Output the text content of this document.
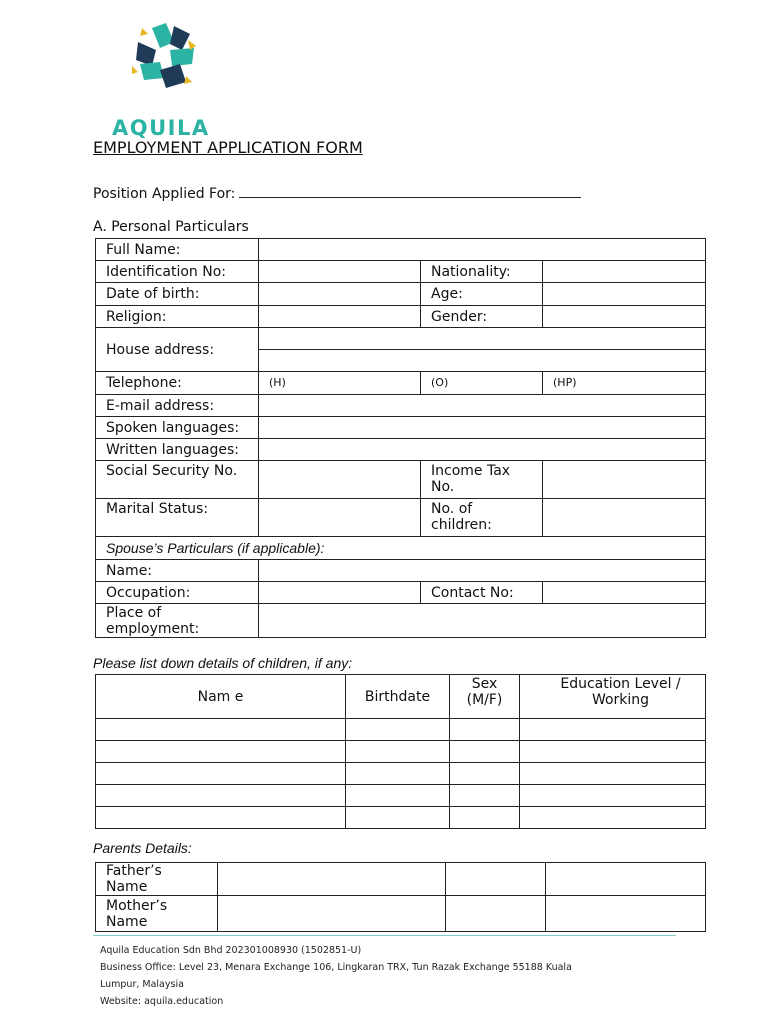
AQUILA
EMPLOYMENT APPLICATION FORM
Position Applied For:
A. Personal Particulars
Full Name:			
Identification No:		Nationality:	
Date of birth:		Age:	
Religion:		Gender:	
House address:			

Telephone:	(H)	(O)	(HP)
E-mail address:			
Spoken languages:			
Written languages:			
Social Security No.		Income Tax No.	
Marital Status:		No. of children:	
Spouse’s Particulars (if applicable):			
Name:			
Occupation:		Contact No:	
Place of employment:			
Please list down details of children, if any:
Nam e	Birthdate	Sex (M/F)	Education Level / Working

Parents Details:
Father’s Name			
Mother’s Name			
Aquila Education Sdn Bhd 202301008930 (1502851-U)
Business Office: Level 23, Menara Exchange 106, Lingkaran TRX, Tun Razak Exchange 55188 Kuala
Lumpur, Malaysia
Website: aquila.education
